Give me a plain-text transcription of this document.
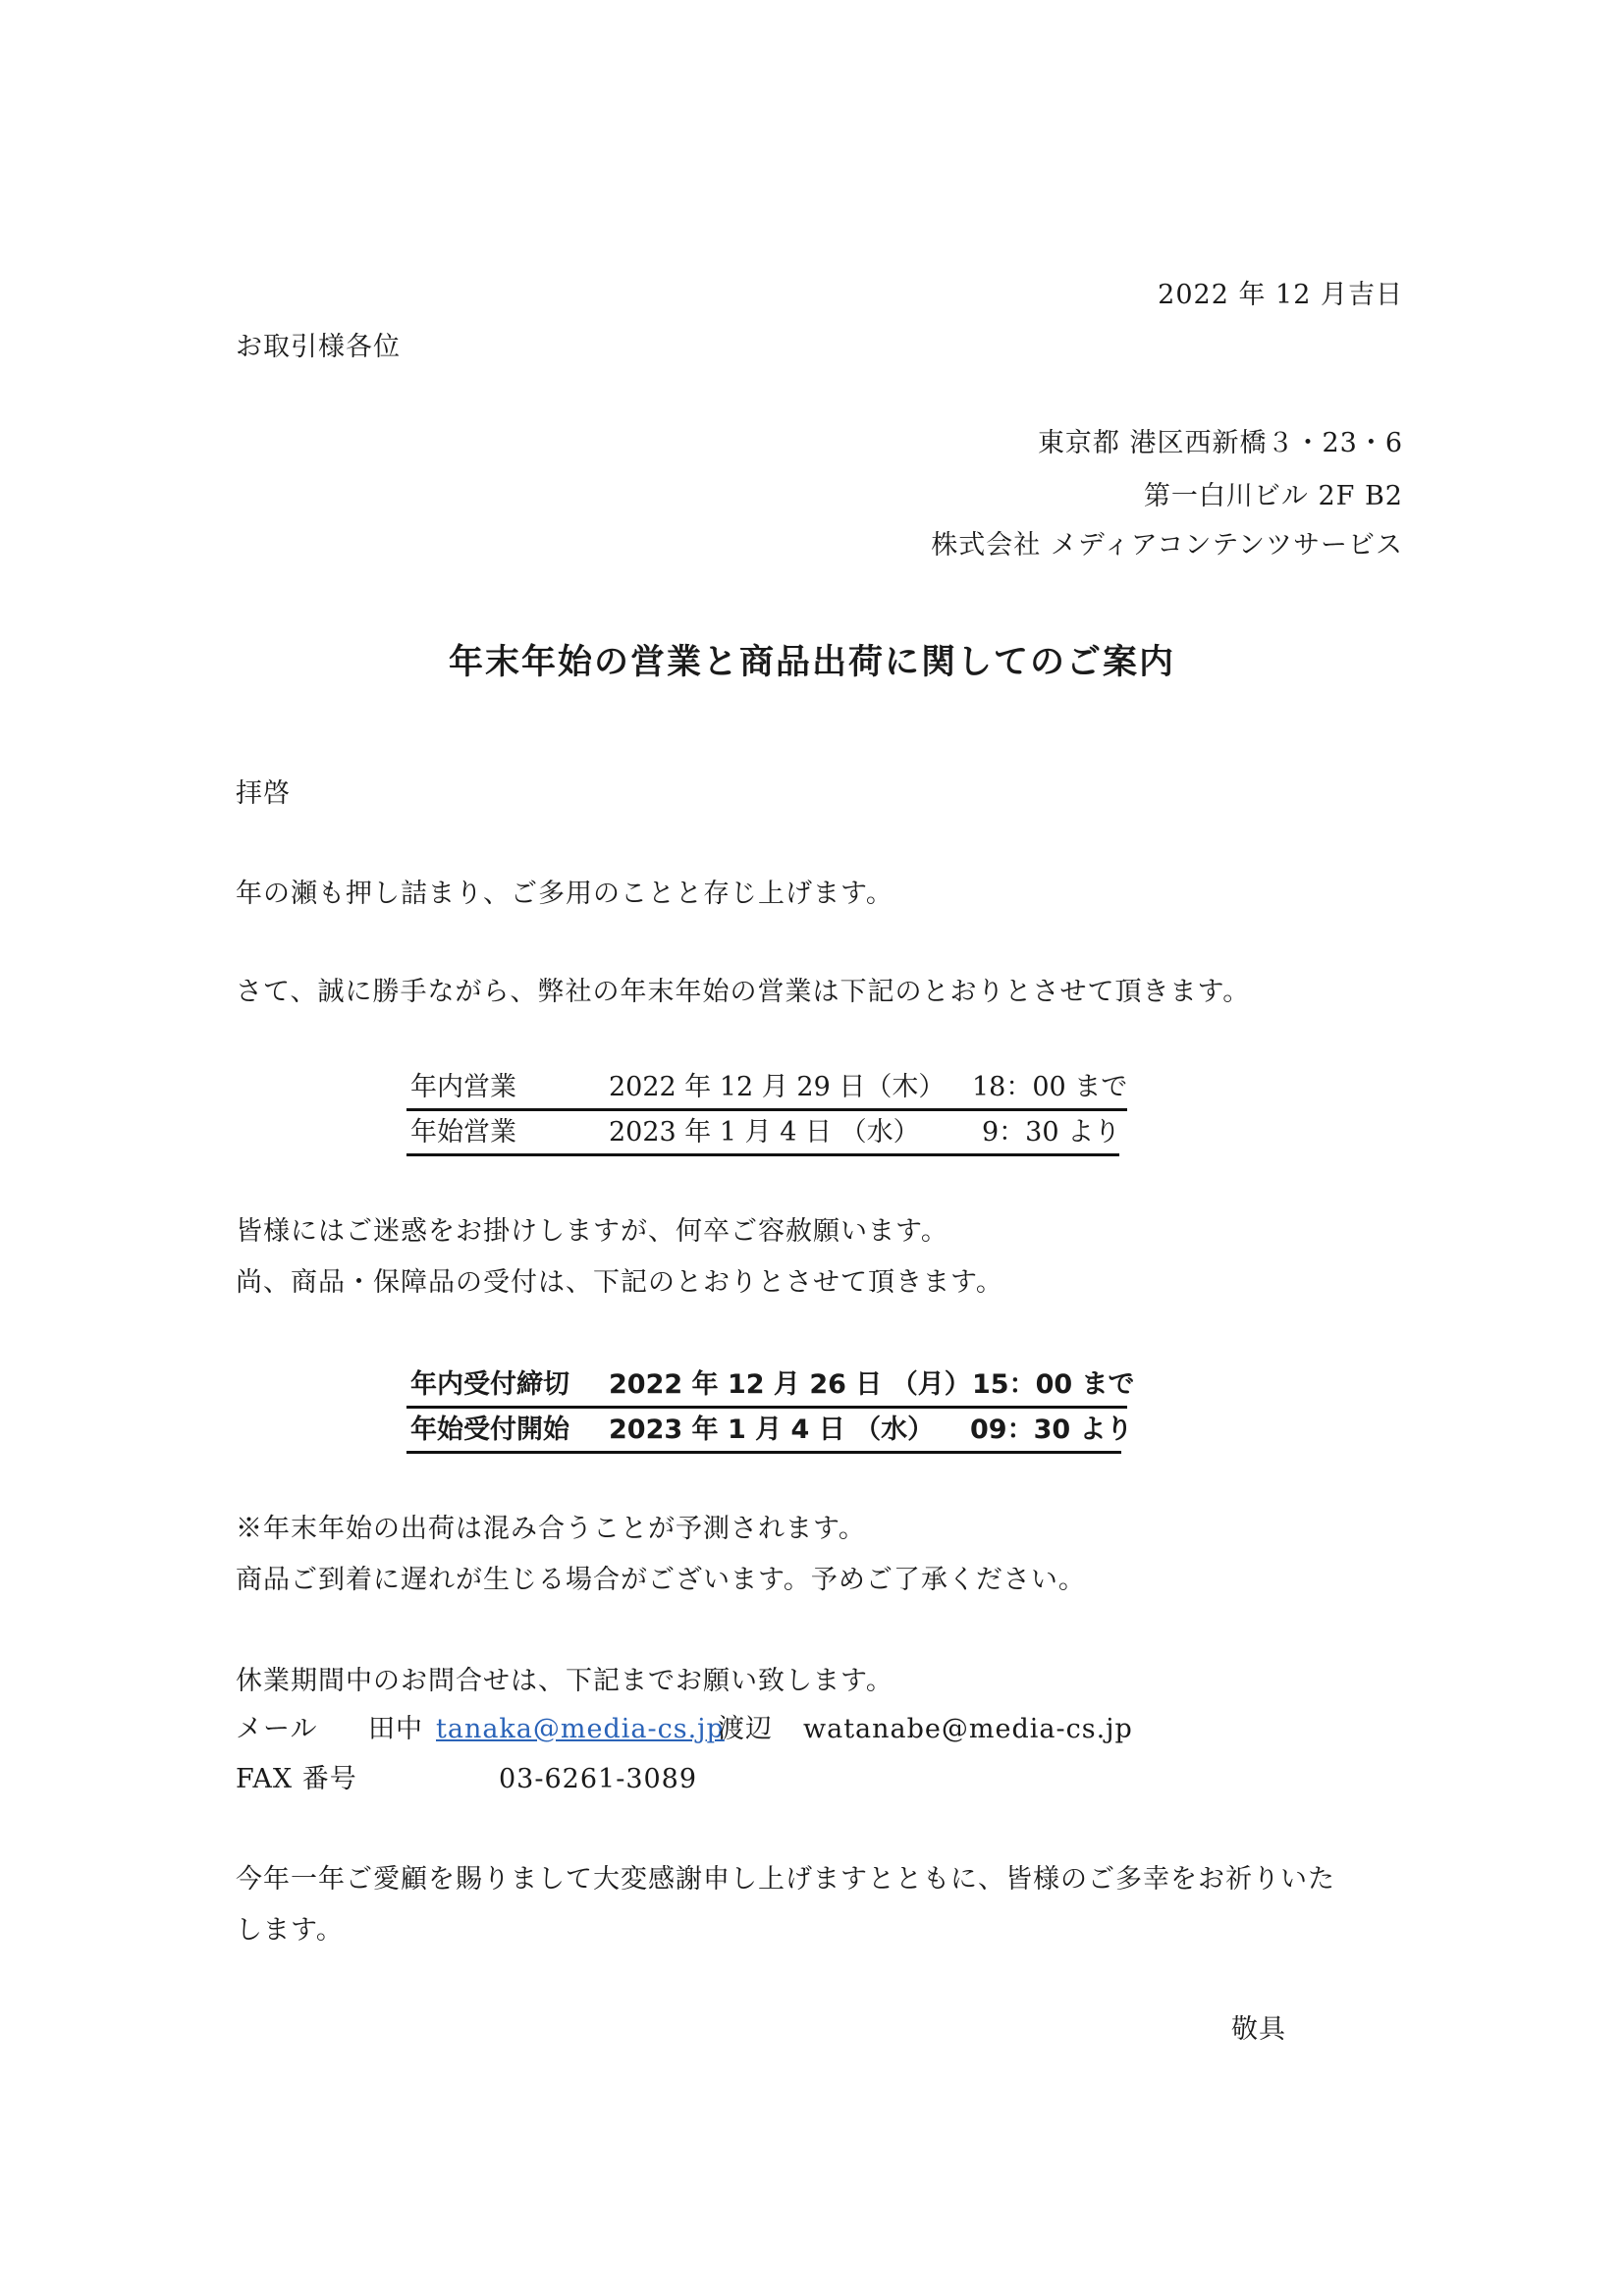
2022 年 12 月吉日
お取引様各位
東京都 港区西新橋３・23・6
第一白川ビル 2F B2
株式会社 メディアコンテンツサービス
年末年始の営業と商品出荷に関してのご案内
拝啓
年の瀬も押し詰まり、ご多用のことと存じ上げます。
さて、誠に勝手ながら、弊社の年末年始の営業は下記のとおりとさせて頂きます。
年内営業	2022 年 12 月 29 日（木） 18：00 まで
年始営業	2023 年 1 月 4 日 （水） 9：30 より
皆様にはご迷惑をお掛けしますが、何卒ご容赦願います。
尚、商品・保障品の受付は、下記のとおりとさせて頂きます。
年内受付締切 2022 年 12 月 26 日 （月） 15：00 まで
年始受付開始 2023 年 1 月 4 日 （水） 09：30 より
※年末年始の出荷は混み合うことが予測されます。
商品ご到着に遅れが生じる場合がございます。予めご了承ください。
休業期間中のお問合せは、下記までお願い致します。
メール 田中 tanaka@media-cs.jp
渡辺 watanabe@media-cs.jp
FAX 番号	03-6261-3089
今年一年ご愛顧を賜りまして大変感謝申し上げますとともに、皆様のご多幸をお祈りいた
します。
敬具
